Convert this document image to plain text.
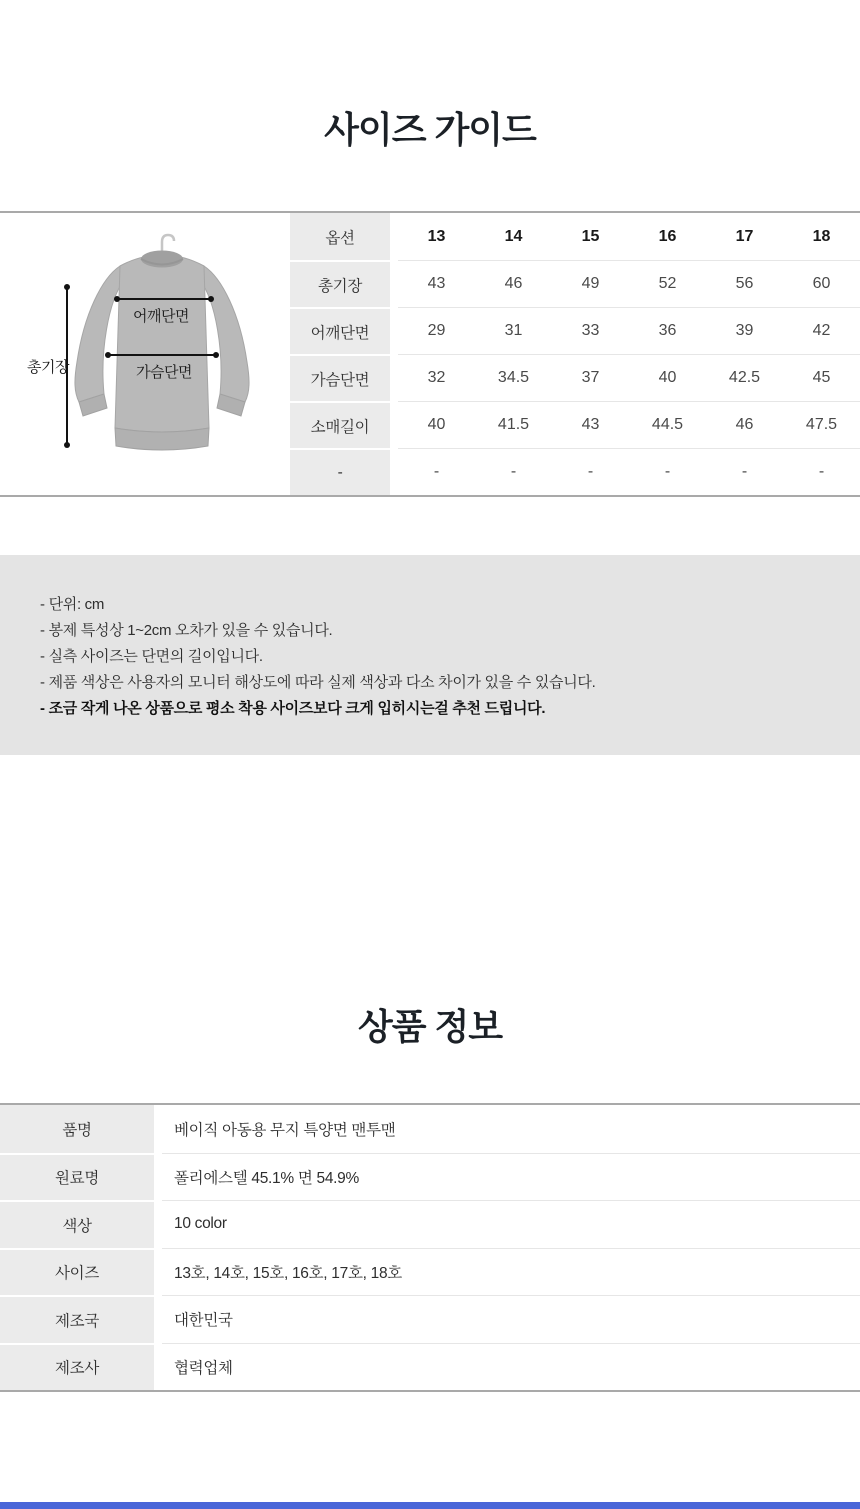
사이즈 가이드
총기장
어깨단면
가슴단면
옵션	13	14	15	16	17	18
총기장	43	46	49	52	56	60
어깨단면	29	31	33	36	39	42
가슴단면	32	34.5	37	40	42.5	45
소매길이	40	41.5	43	44.5	46	47.5
-	-	-	-	-	-	-
- 단위: cm
- 봉제 특성상 1~2cm 오차가 있을 수 있습니다.
- 실측 사이즈는 단면의 길이입니다.
- 제품 색상은 사용자의 모니터 해상도에 따라 실제 색상과 다소 차이가 있을 수 있습니다.
- 조금 작게 나온 상품으로 평소 착용 사이즈보다 크게 입히시는걸 추천 드립니다.
상품 정보
품명	베이직 아동용 무지 특양면 맨투맨
원료명	폴리에스텔 45.1% 면 54.9%
색상	10 color
사이즈	13호, 14호, 15호, 16호, 17호, 18호
제조국	대한민국
제조사	협력업체
